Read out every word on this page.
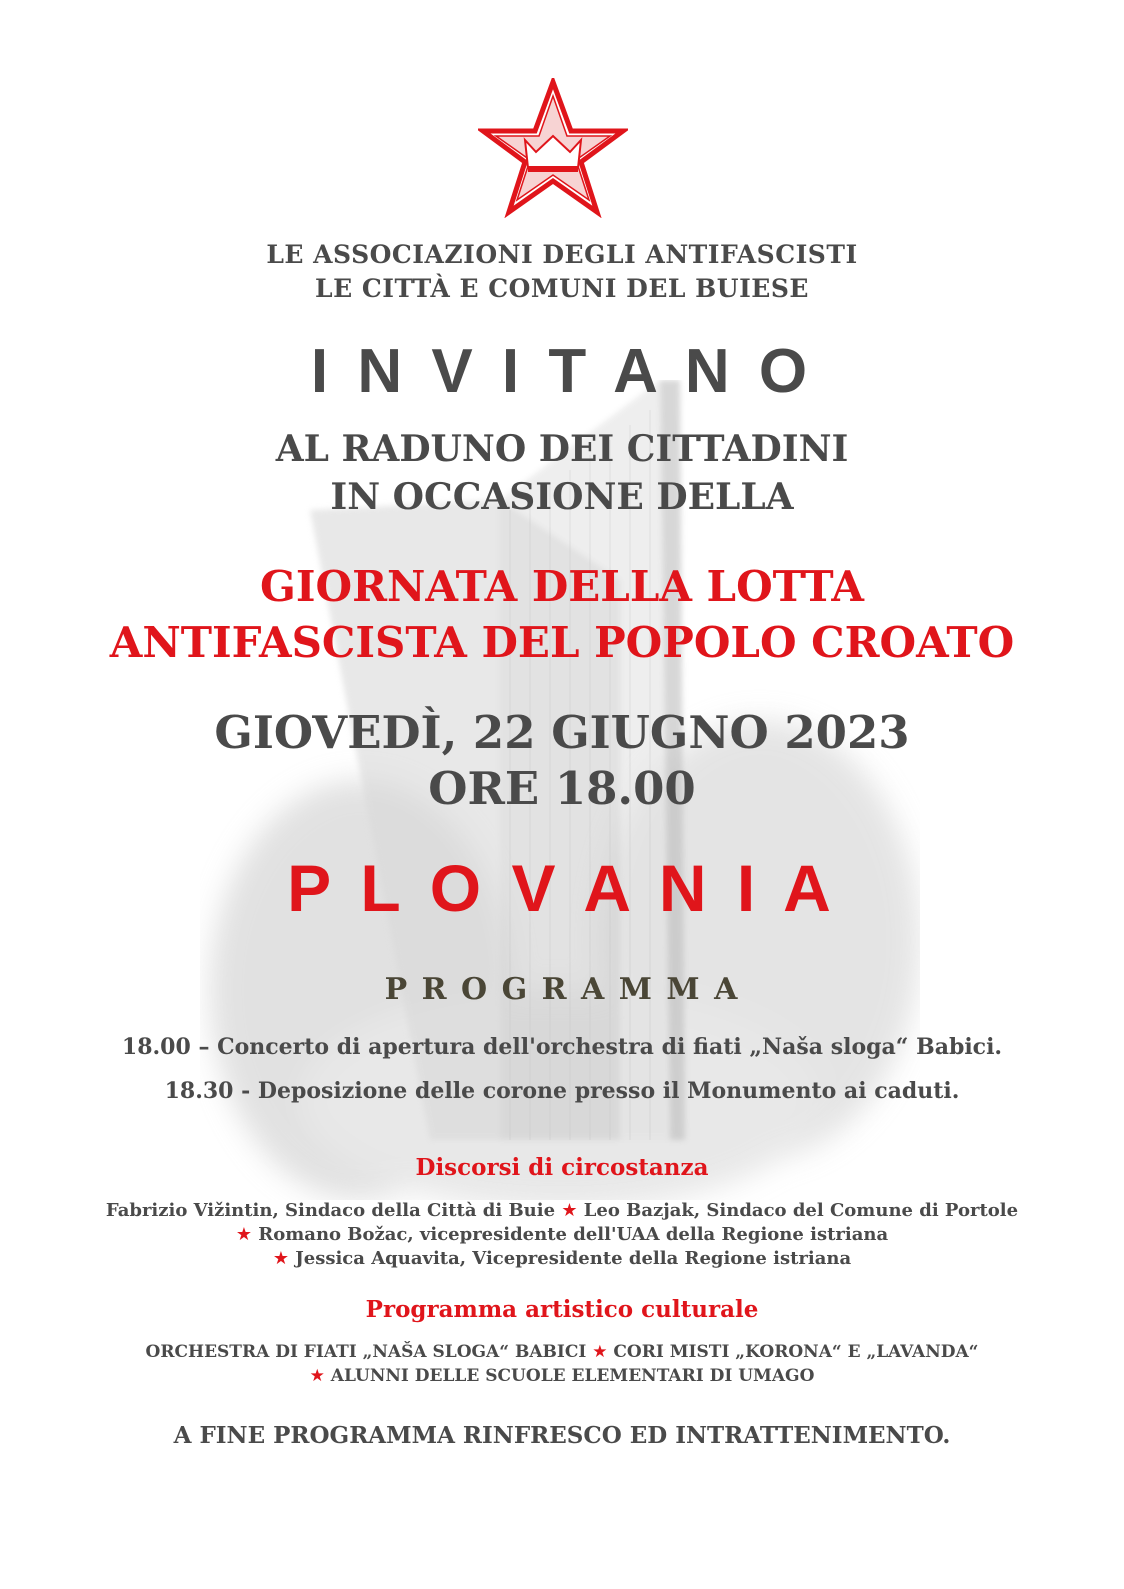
LE ASSOCIAZIONI DEGLI ANTIFASCISTI
LE CITTÀ E COMUNI DEL BUIESE
I N V I T A N O
AL RADUNO DEI CITTADINI
IN OCCASIONE DELLA
GIORNATA DELLA LOTTA
ANTIFASCISTA DEL POPOLO CROATO
GIOVEDÌ, 22 GIUGNO 2023
ORE 18.00
P L O V A N I A
P R O G R A M M A
18.00 – Concerto di apertura dell'orchestra di fiati „Naša sloga“ Babici.
18.30 - Deposizione delle corone presso il Monumento ai caduti.
Discorsi di circostanza
Fabrizio Vižintin, Sindaco della Città di Buie ★ Leo Bazjak, Sindaco del Comune di Portole
★ Romano Božac, vicepresidente dell'UAA della Regione istriana
★ Jessica Aquavita, Vicepresidente della Regione istriana
Programma artistico culturale
ORCHESTRA DI FIATI „NAŠA SLOGA“ BABICI ★ CORI MISTI „KORONA“ E „LAVANDA“
★ ALUNNI DELLE SCUOLE ELEMENTARI DI UMAGO
A FINE PROGRAMMA RINFRESCO ED INTRATTENIMENTO.
